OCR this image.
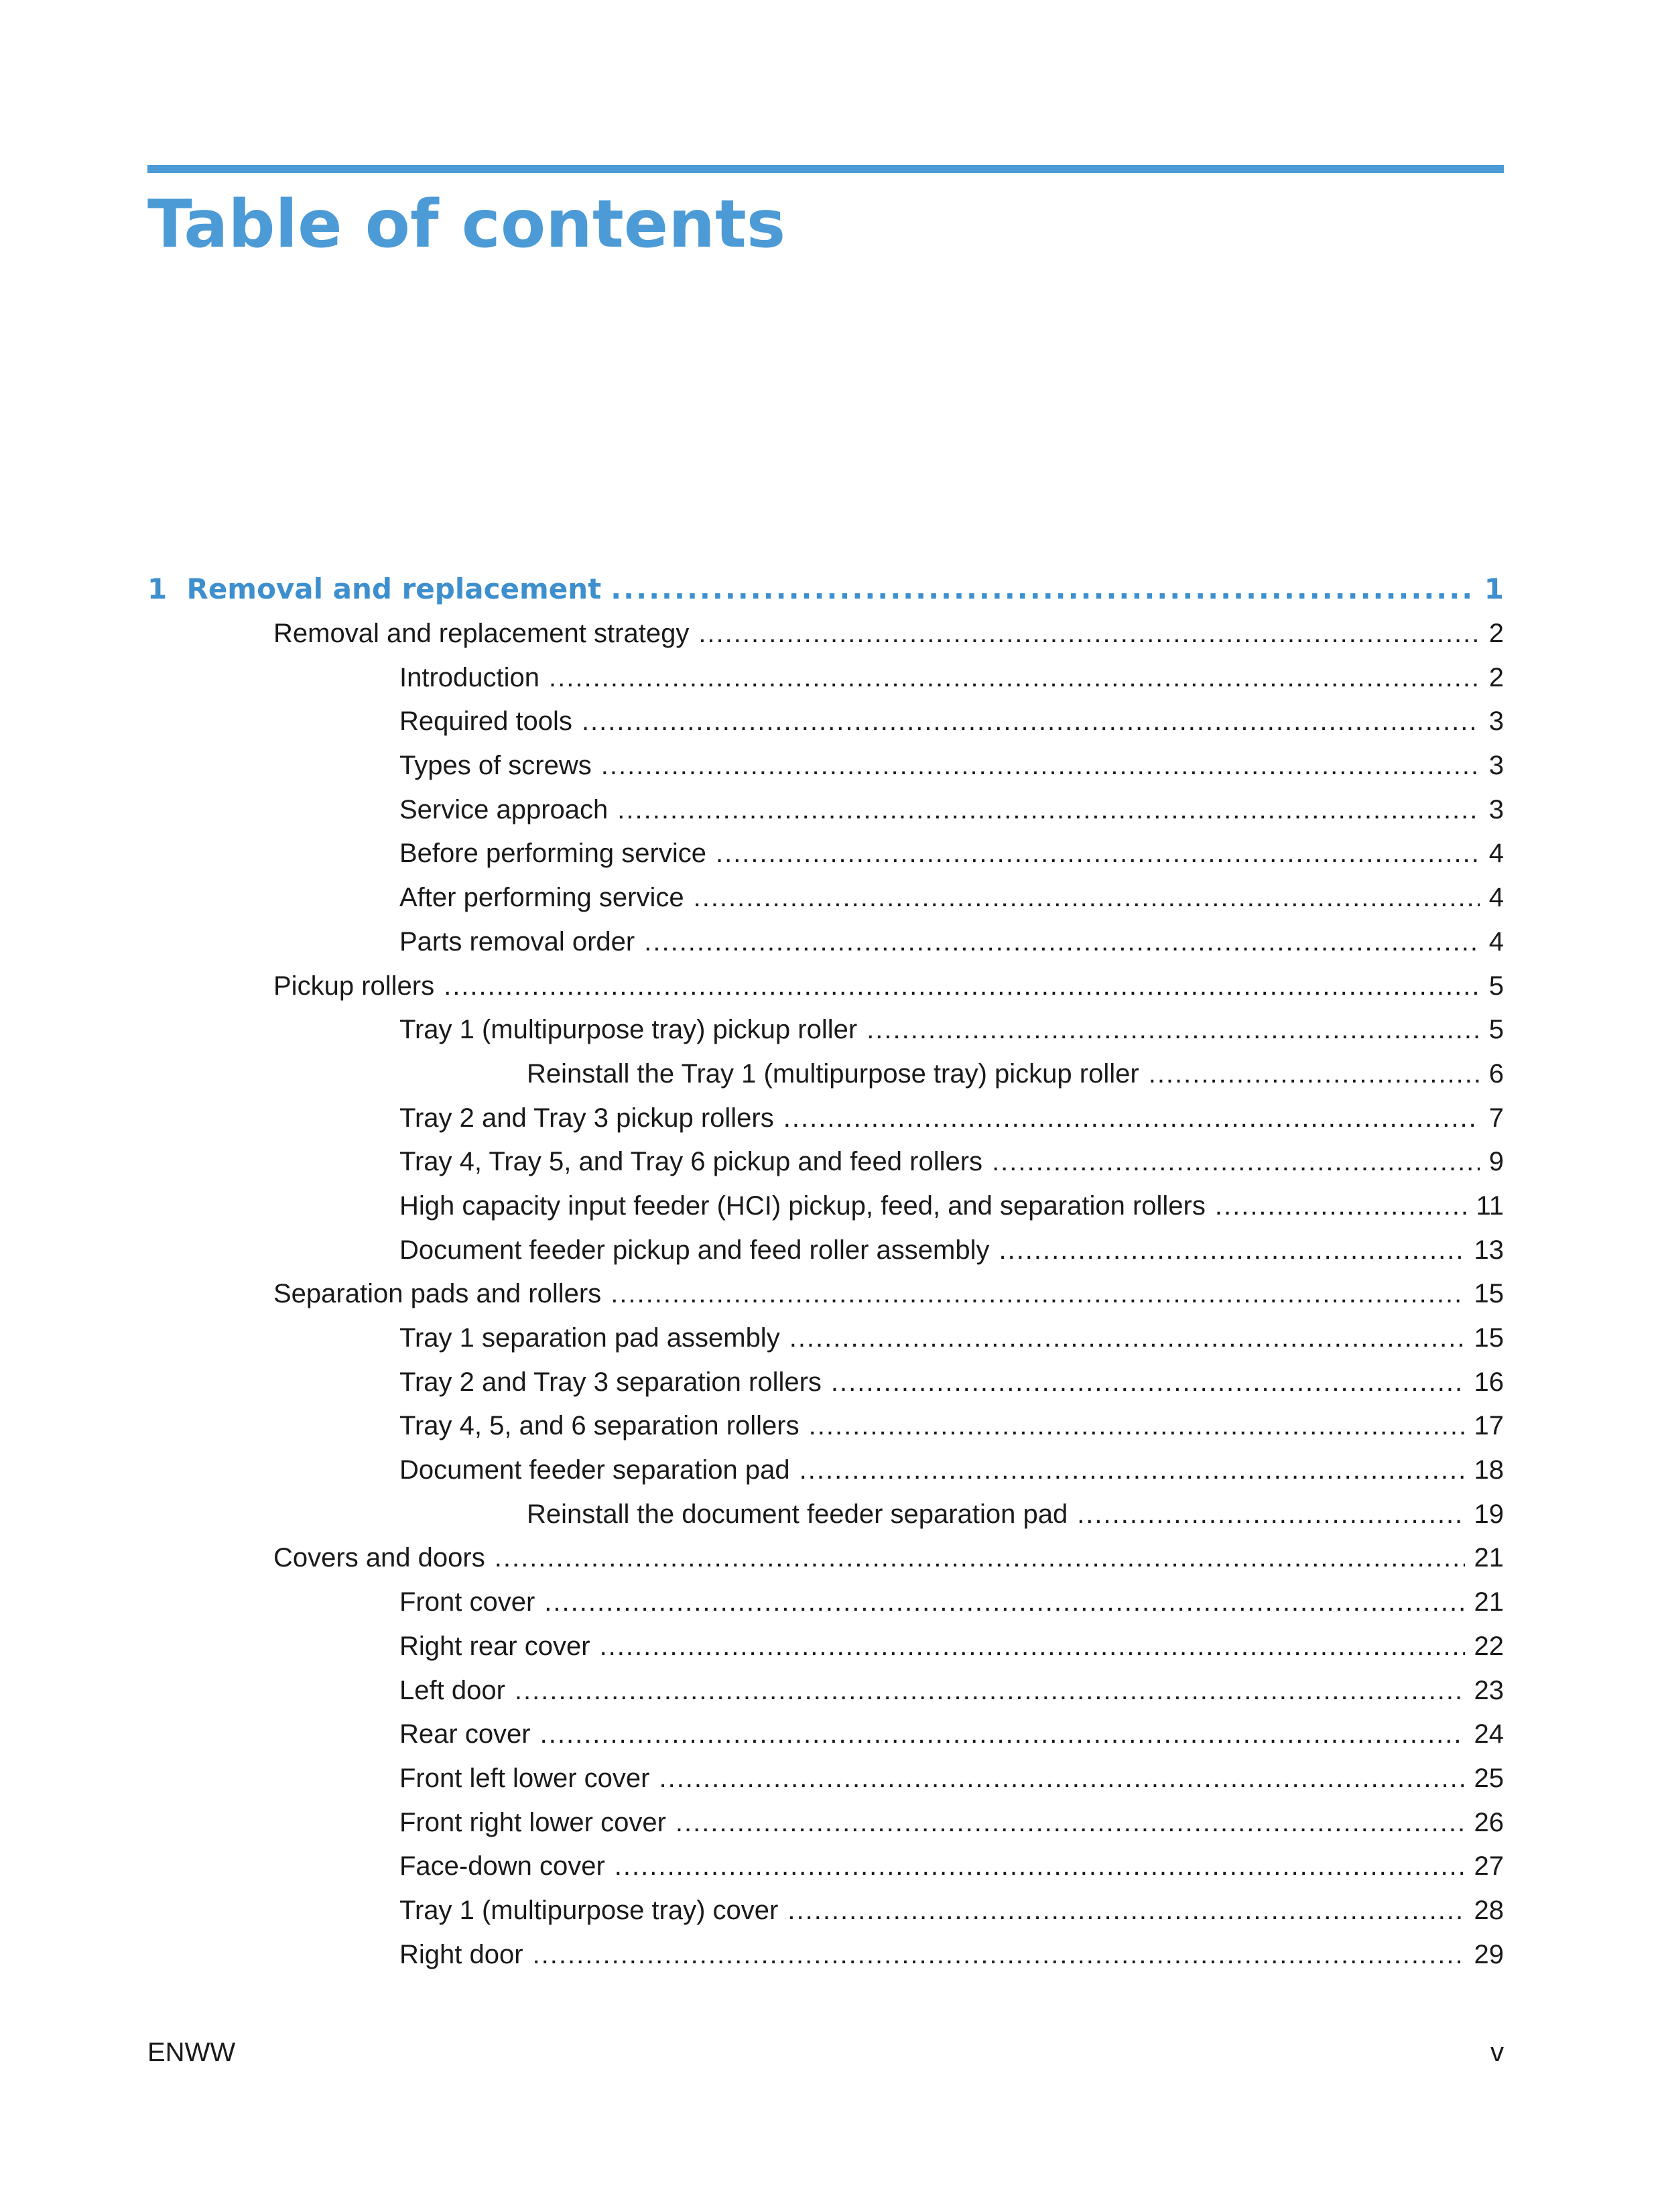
Table of contents
1 Removal and replacement .....	1
Removal and replacement strategy .....	2
Introduction .....	2
Required tools .....	3
Types of screws .....	3
Service approach .....	3
Before performing service .....	4
After performing service .....	4
Parts removal order .....	4
Pickup rollers .....	5
Tray 1 (multipurpose tray) pickup roller .....	5
Reinstall the Tray 1 (multipurpose tray) pickup roller .....	6
Tray 2 and Tray 3 pickup rollers .....	7
Tray 4, Tray 5, and Tray 6 pickup and feed rollers .....	9
High capacity input feeder (HCI) pickup, feed, and separation rollers .....	11
Document feeder pickup and feed roller assembly .....	13
Separation pads and rollers .....	15
Tray 1 separation pad assembly .....	15
Tray 2 and Tray 3 separation rollers .....	16
Tray 4, 5, and 6 separation rollers .....	17
Document feeder separation pad .....	18
Reinstall the document feeder separation pad .....	19
Covers and doors .....	21
Front cover .....	21
Right rear cover .....	22
Left door .....	23
Rear cover .....	24
Front left lower cover .....	25
Front right lower cover .....	26
Face-down cover .....	27
Tray 1 (multipurpose tray) cover .....	28
Right door .....	29
ENWW	v
